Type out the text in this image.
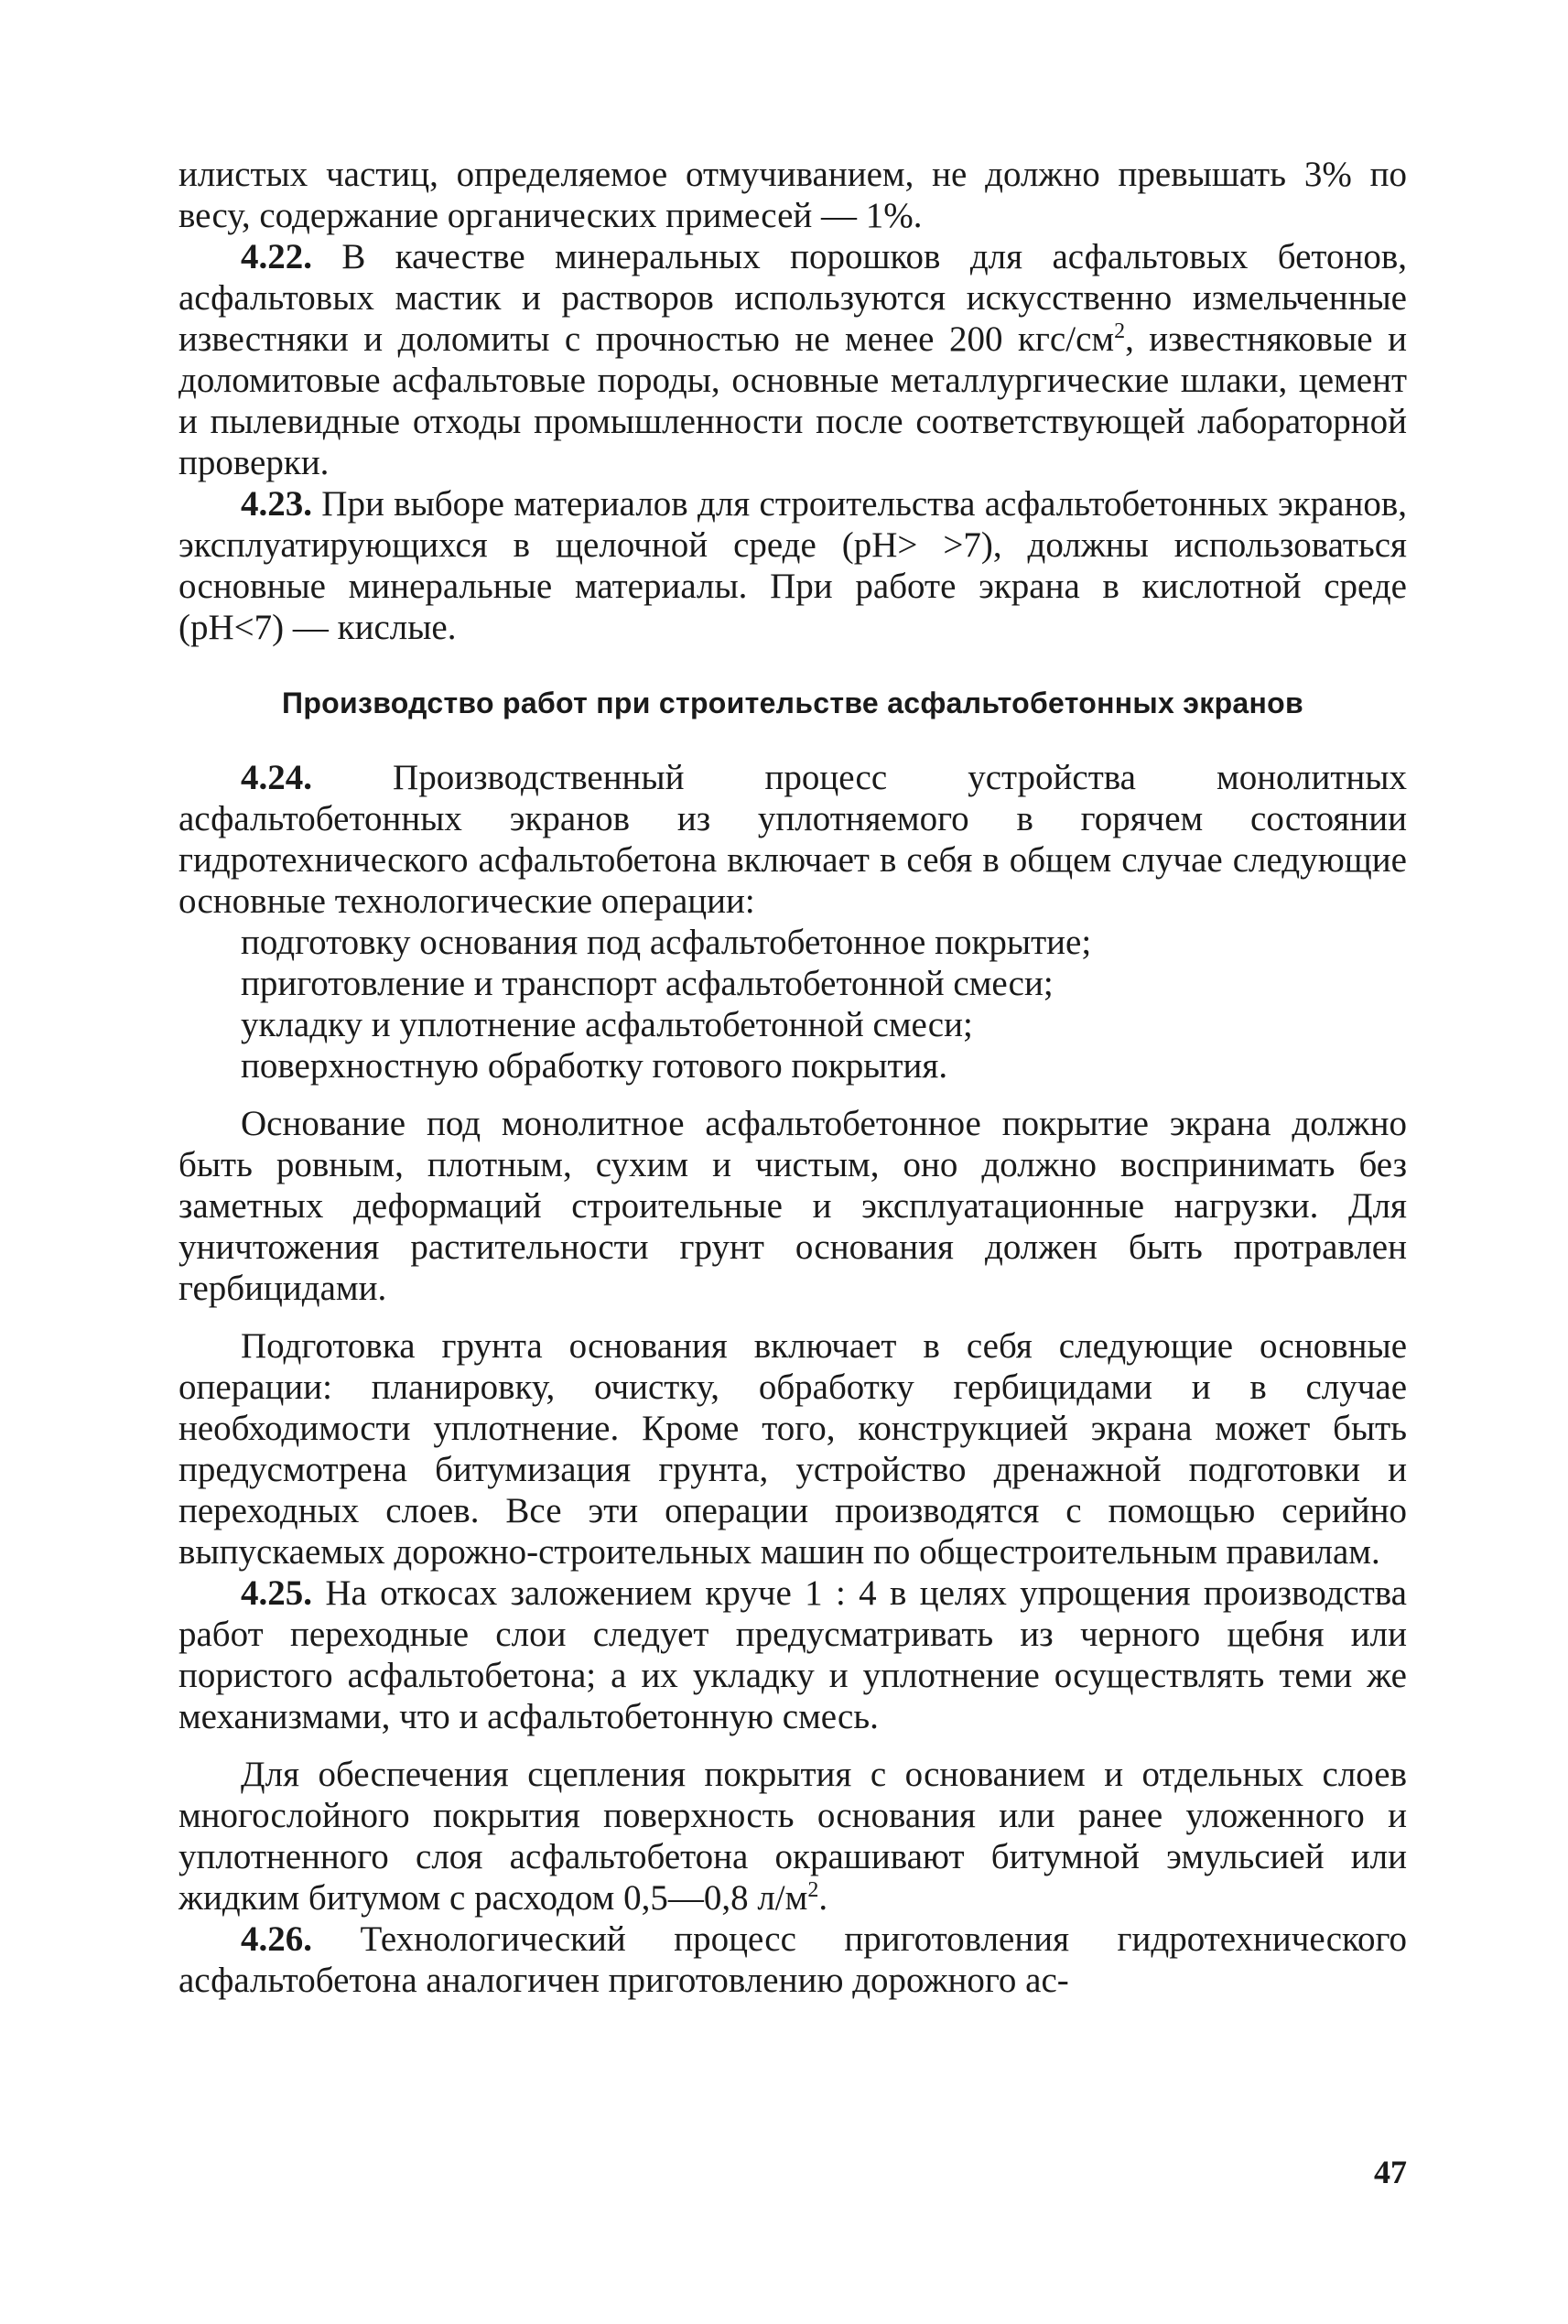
илистых частиц, определяемое отмучиванием, не должно превышать 3% по весу, содержание органических примесей — 1%.

4.22. В качестве минеральных порошков для асфальтовых бетонов, асфальтовых мастик и растворов используются искусственно измельченные известняки и доломиты с прочностью не менее 200 кгс/$см^2$, известняковые и доломитовые асфальтовые породы, основные металлургические шлаки, цемент и пылевидные отходы промышленности после соответствующей лабораторной проверки.

4.23. При выборе материалов для строительства асфальтобетонных экранов, эксплуатирующихся в щелочной среде (pH> >7), должны использоваться основные минеральные материалы. При работе экрана в кислотной среде (pH<7) — кислые.

Производство работ при строительстве асфальтобетонных экранов

4.24. Производственный процесс устройства монолитных асфальтобетонных экранов из уплотняемого в горячем состоянии гидротехнического асфальтобетона включает в себя в общем случае следующие основные технологические операции:

подготовку основания под асфальтобетонное покрытие;
приготовление и транспорт асфальтобетонной смеси;
укладку и уплотнение асфальтобетонной смеси;
поверхностную обработку готового покрытия.

Основание под монолитное асфальтобетонное покрытие экрана должно быть ровным, плотным, сухим и чистым, оно должно воспринимать без заметных деформаций строительные и эксплуатационные нагрузки. Для уничтожения растительности грунт основания должен быть протравлен гербицидами.

Подготовка грунта основания включает в себя следующие основные операции: планировку, очистку, обработку гербицидами и в случае необходимости уплотнение. Кроме того, конструкцией экрана может быть предусмотрена битумизация грунта, устройство дренажной подготовки и переходных слоев. Все эти операции производятся с помощью серийно выпускаемых дорожно-строительных машин по общестроительным правилам.

4.25. На откосах заложением круче 1 : 4 в целях упрощения производства работ переходные слои следует предусматривать из черного щебня или пористого асфальтобетона; а их укладку и уплотнение осуществлять теми же механизмами, что и асфальтобетонную смесь.

Для обеспечения сцепления покрытия с основанием и отдельных слоев многослойного покрытия поверхность основания или ранее уложенного и уплотненного слоя асфальтобетона окрашивают битумной эмульсией или жидким битумом с расходом 0,5—0,8 $л/м^2$.

4.26. Технологический процесс приготовления гидротехнического асфальтобетона аналогичен приготовлению дорожного ас-

47
